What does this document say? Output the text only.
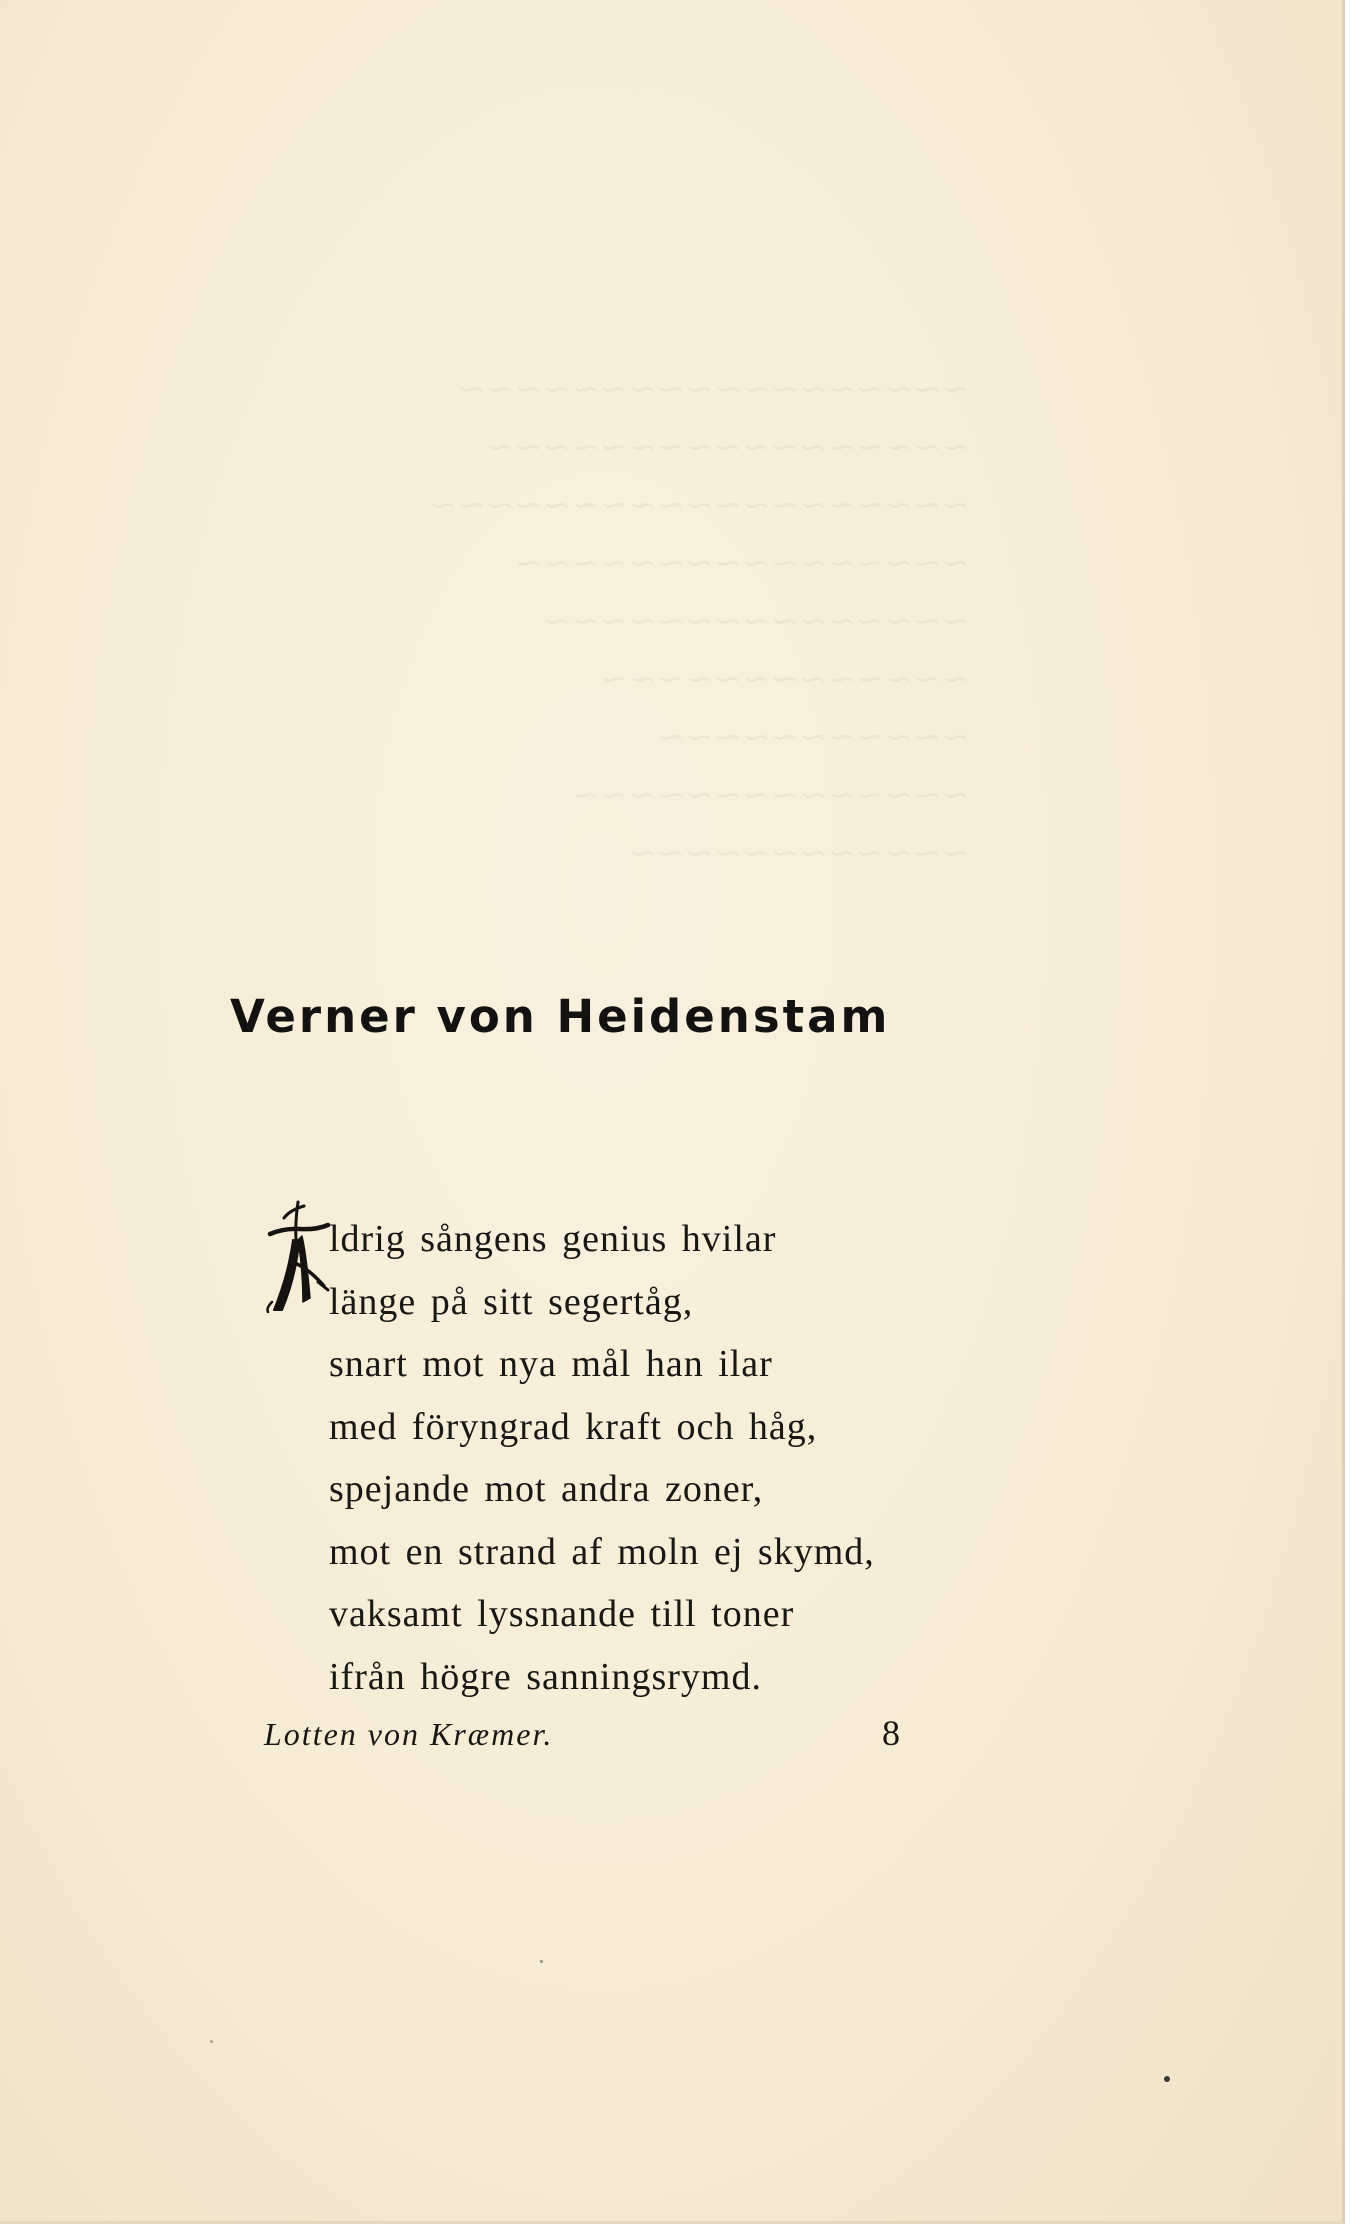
~~~~~~~~~~~~~~~~~~
~~~~~~~~~~~~~~~~~
~~~~~~~~~~~~~~~~~~~
~~~~~~~~~~~~~~~~
~~~~~~~~~~~~~~~
~~~~~~~~~~~~~
~~~~~~~~~~~
~~~~~~~~~~~~~~
~~~~~~~~~~~~
Verner von Heidenstam
ldrig sångens genius hvilar
länge på sitt segertåg,
snart mot nya mål han ilar
med föryngrad kraft och håg,
spejande mot andra zoner,
mot en strand af moln ej skymd,
vaksamt lyssnande till toner
ifrån högre sanningsrymd.
Lotten von Kræmer.	8
